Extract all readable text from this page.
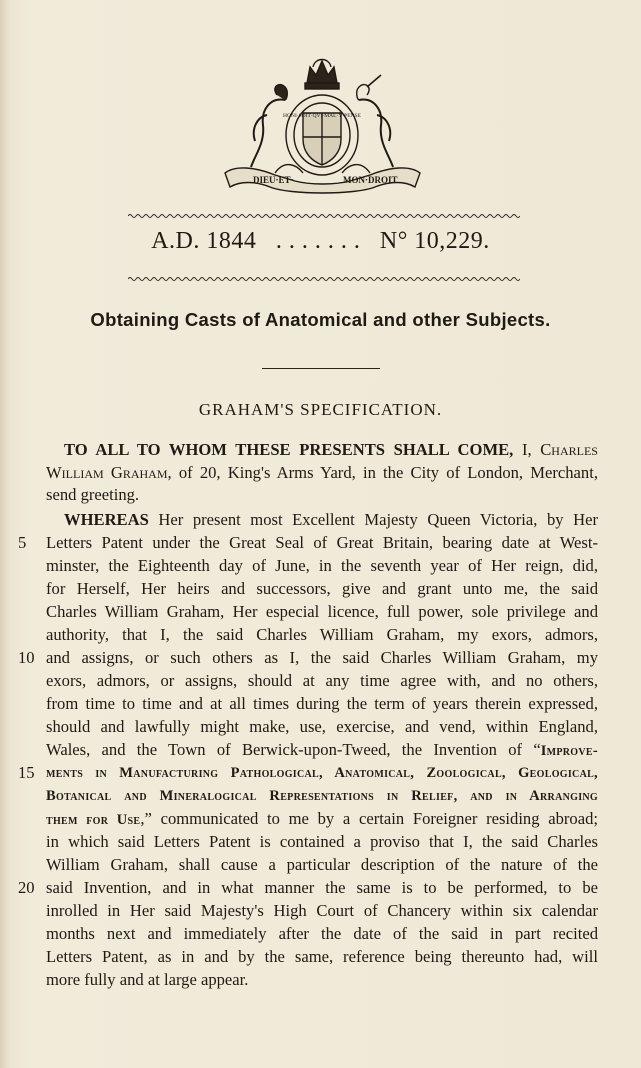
HONI·SOIT·QVI·MAL·Y·PENSE
DIEU·ET·	MON·DROIT
A.D. 1844 . . . . . . . N° 10,229.
Obtaining Casts of Anatomical and other Subjects.
GRAHAM'S SPECIFICATION.
TO ALL TO WHOM THESE PRESENTS SHALL COME, I, Charles
William Graham, of 20, King's Arms Yard, in the City of London, Merchant,
send greeting.
WHEREAS Her present most Excellent Majesty Queen Victoria, by Her
Letters Patent under the Great Seal of Great Britain, bearing date at West-
minster, the Eighteenth day of June, in the seventh year of Her reign, did,
for Herself, Her heirs and successors, give and grant unto me, the said
Charles William Graham, Her especial licence, full power, sole privilege and
authority, that I, the said Charles William Graham, my exors, admors,
and assigns, or such others as I, the said Charles William Graham, my
exors, admors, or assigns, should at any time agree with, and no others,
from time to time and at all times during the term of years therein expressed,
should and lawfully might make, use, exercise, and vend, within England,
Wales, and the Town of Berwick-upon-Tweed, the Invention of “Improve-
ments in Manufacturing Pathological, Anatomical, Zoological, Geological,
Botanical and Mineralogical Representations in Relief, and in Arranging
them for Use,” communicated to me by a certain Foreigner residing abroad;
in which said Letters Patent is contained a proviso that I, the said Charles
William Graham, shall cause a particular description of the nature of the
said Invention, and in what manner the same is to be performed, to be
inrolled in Her said Majesty's High Court of Chancery within six calendar
months next and immediately after the date of the said in part recited
Letters Patent, as in and by the same, reference being thereunto had, will
more fully and at large appear.
5
10
15
20
